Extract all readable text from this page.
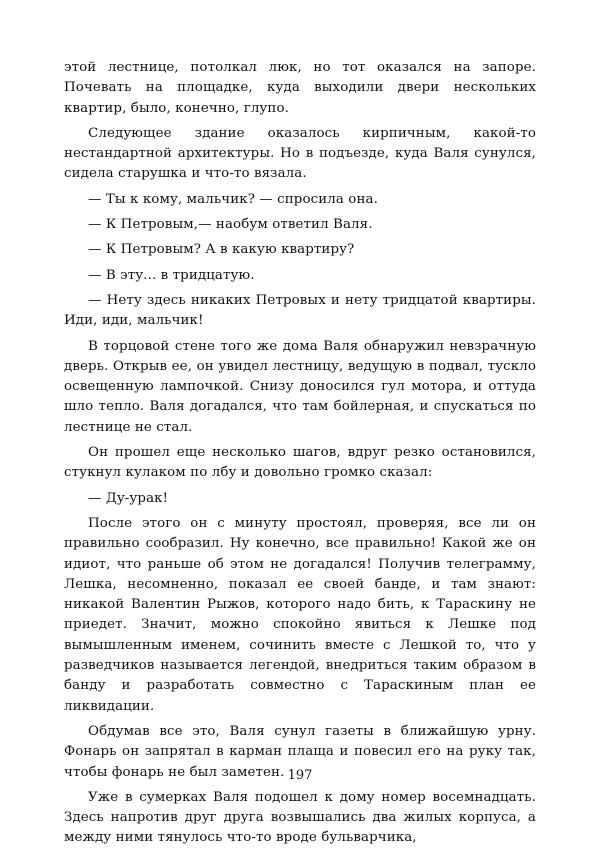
этой лестнице, потолкал люк, но тот оказался на запоре. Почевать на площадке, куда выходили двери нескольких квартир, было, конечно, глупо.

Следующее здание оказалось кирпичным, какой-то нестандартной архитектуры. Но в подъезде, куда Валя сунулся, сидела старушка и что-то вязала.

— Ты к кому, мальчик? — спросила она.

— К Петровым,— наобум ответил Валя.

— К Петровым? А в какую квартиру?

— В эту... в тридцатую.

— Нету здесь никаких Петровых и нету тридцатой квартиры. Иди, иди, мальчик!

В торцовой стене того же дома Валя обнаружил невзрачную дверь. Открыв ее, он увидел лестницу, ведущую в подвал, тускло освещенную лампочкой. Снизу доносился гул мотора, и оттуда шло тепло. Валя догадался, что там бойлерная, и спускаться по лестнице не стал.

Он прошел еще несколько шагов, вдруг резко остановился, стукнул кулаком по лбу и довольно громко сказал:

— Ду-урак!

После этого он с минуту простоял, проверяя, все ли он правильно сообразил. Ну конечно, все правильно! Какой же он идиот, что раньше об этом не догадался! Получив телеграмму, Лешка, несомненно, показал ее своей банде, и там знают: никакой Валентин Рыжов, которого надо бить, к Тараскину не приедет. Значит, можно спокойно явиться к Лешке под вымышленным именем, сочинить вместе с Лешкой то, что у разведчиков называется легендой, внедриться таким образом в банду и разработать совместно с Тараскиным план ее ликвидации.

Обдумав все это, Валя сунул газеты в ближайшую урну. Фонарь он запрятал в карман плаща и повесил его на руку так, чтобы фонарь не был заметен.

Уже в сумерках Валя подошел к дому номер восемнадцать. Здесь напротив друг друга возвышались два жилых корпуса, а между ними тянулось что-то вроде бульварчика,

197
